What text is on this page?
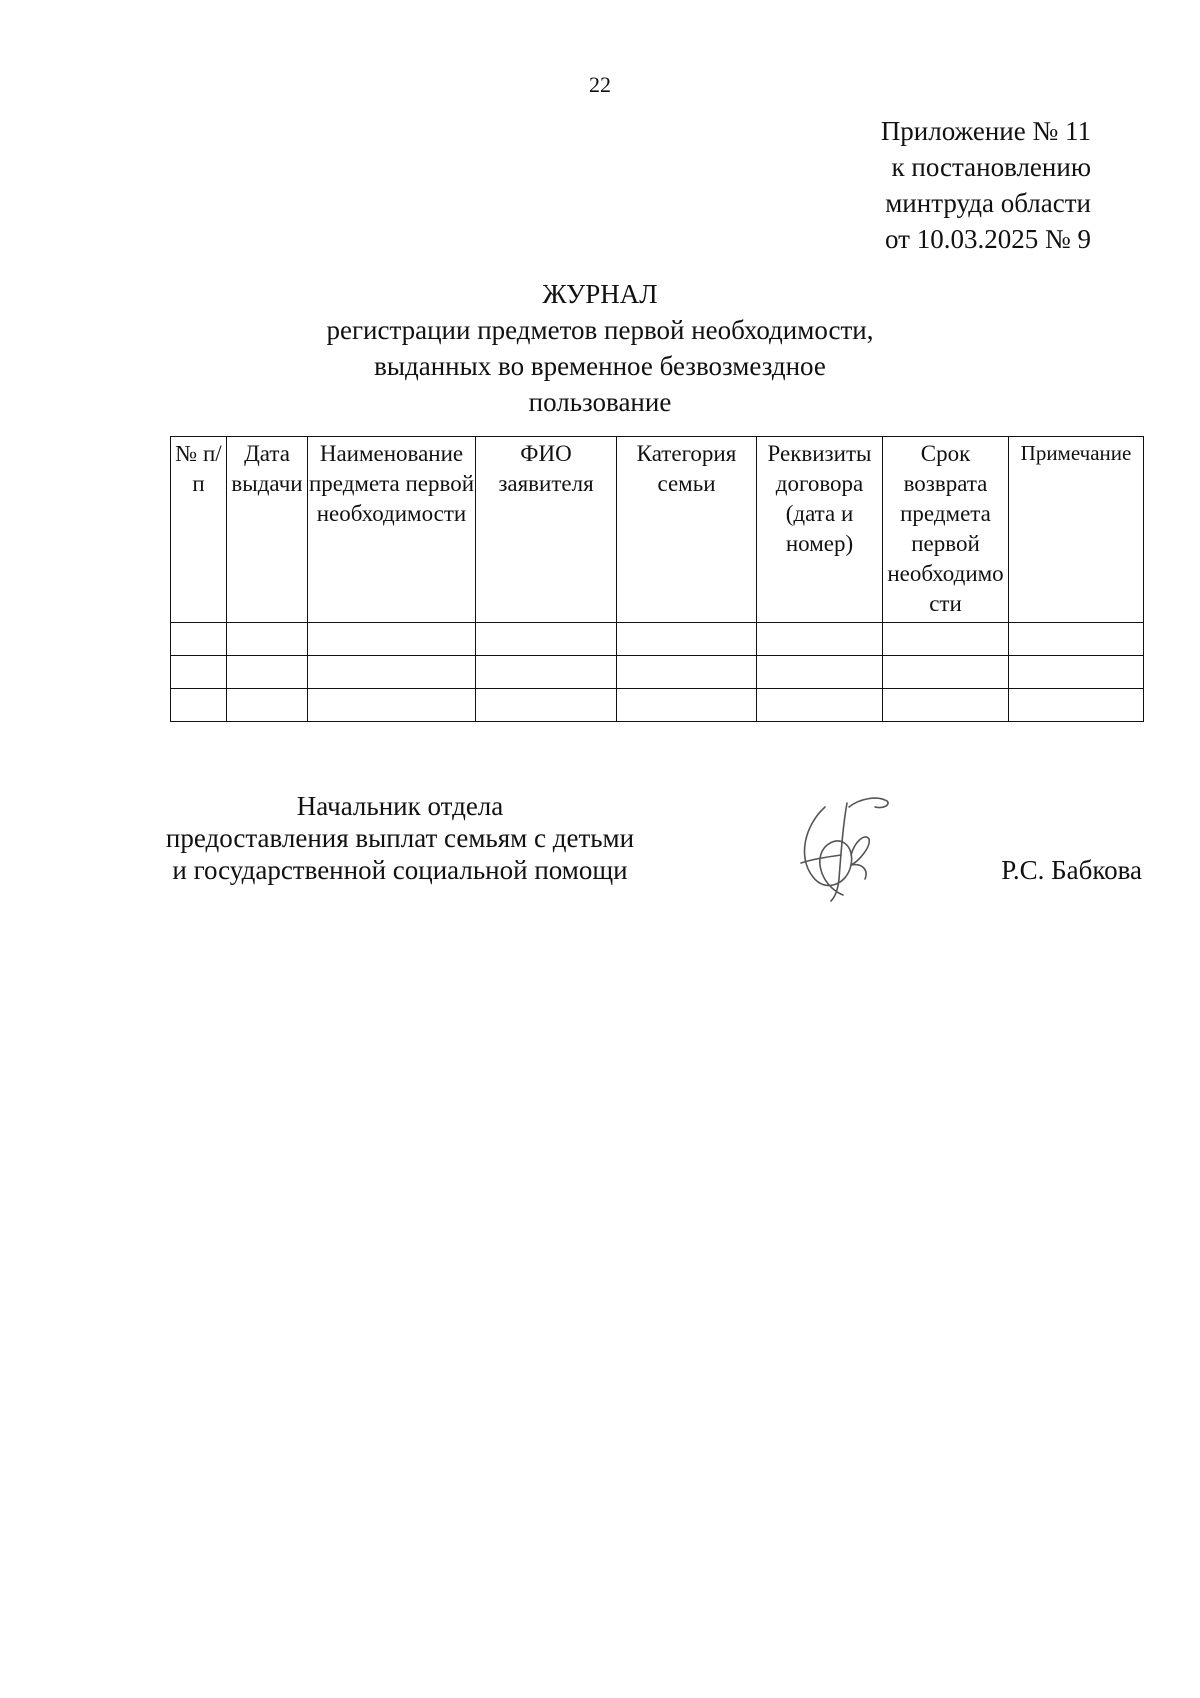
22
Приложение № 11
к постановлению
минтруда области
от 10.03.2025 № 9
ЖУРНАЛ
регистрации предметов первой необходимости,
выданных во временное безвозмездное
пользование
№ п/п	Дата выдачи	Наименование предмета первой необходимости	ФИО заявителя	Категория семьи	Реквизиты договора (дата и номер)	Срок возврата предмета первой необходимости	Примечание

Начальник отдела
предоставления выплат семьям с детьми
и государственной социальной помощи	Р.С. Бабкова
